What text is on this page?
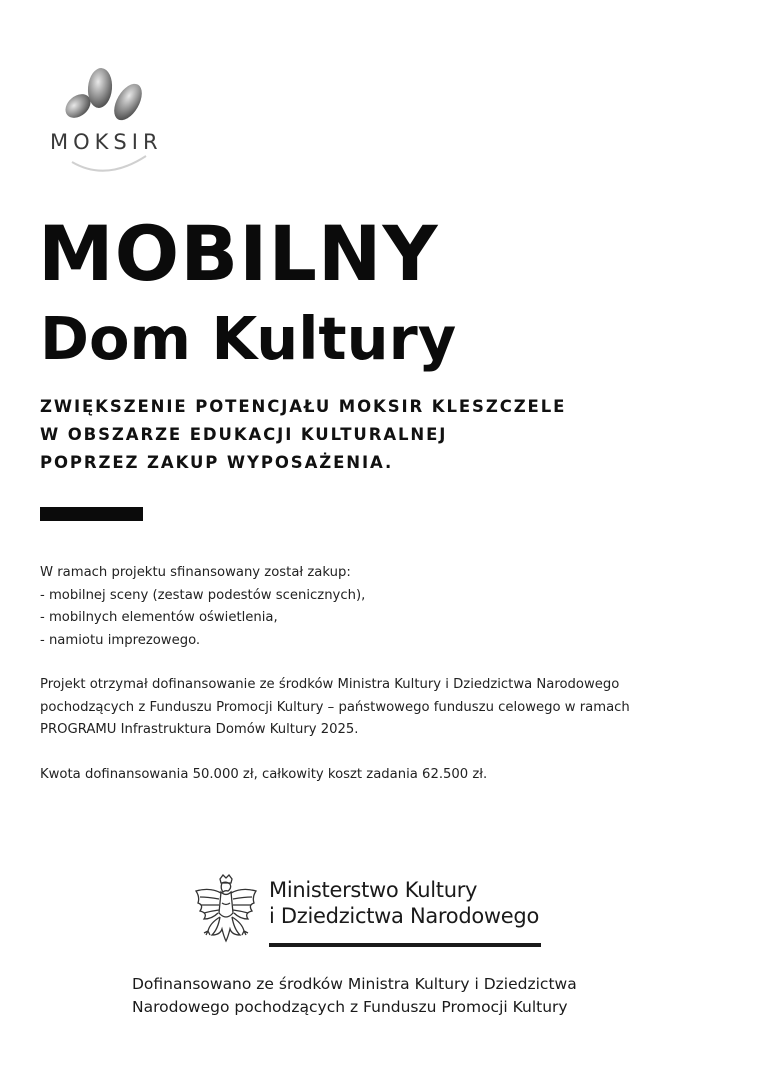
MOKSIR
MOBILNY
Dom Kultury
ZWIĘKSZENIE POTENCJAŁU MOKSIR KLESZCZELE
W OBSZARZE EDUKACJI KULTURALNEJ
POPRZEZ ZAKUP WYPOSAŻENIA.
W ramach projektu sfinansowany został zakup:
- mobilnej sceny (zestaw podestów scenicznych),
- mobilnych elementów oświetlenia,
- namiotu imprezowego.
Projekt otrzymał dofinansowanie ze środków Ministra Kultury i Dziedzictwa Narodowego
pochodzących z Funduszu Promocji Kultury – państwowego funduszu celowego w ramach
PROGRAMU Infrastruktura Domów Kultury 2025.
Kwota dofinansowania 50.000 zł, całkowity koszt zadania 62.500 zł.
Ministerstwo Kultury
i Dziedzictwa Narodowego
Dofinansowano ze środków Ministra Kultury i Dziedzictwa
Narodowego pochodzących z Funduszu Promocji Kultury
